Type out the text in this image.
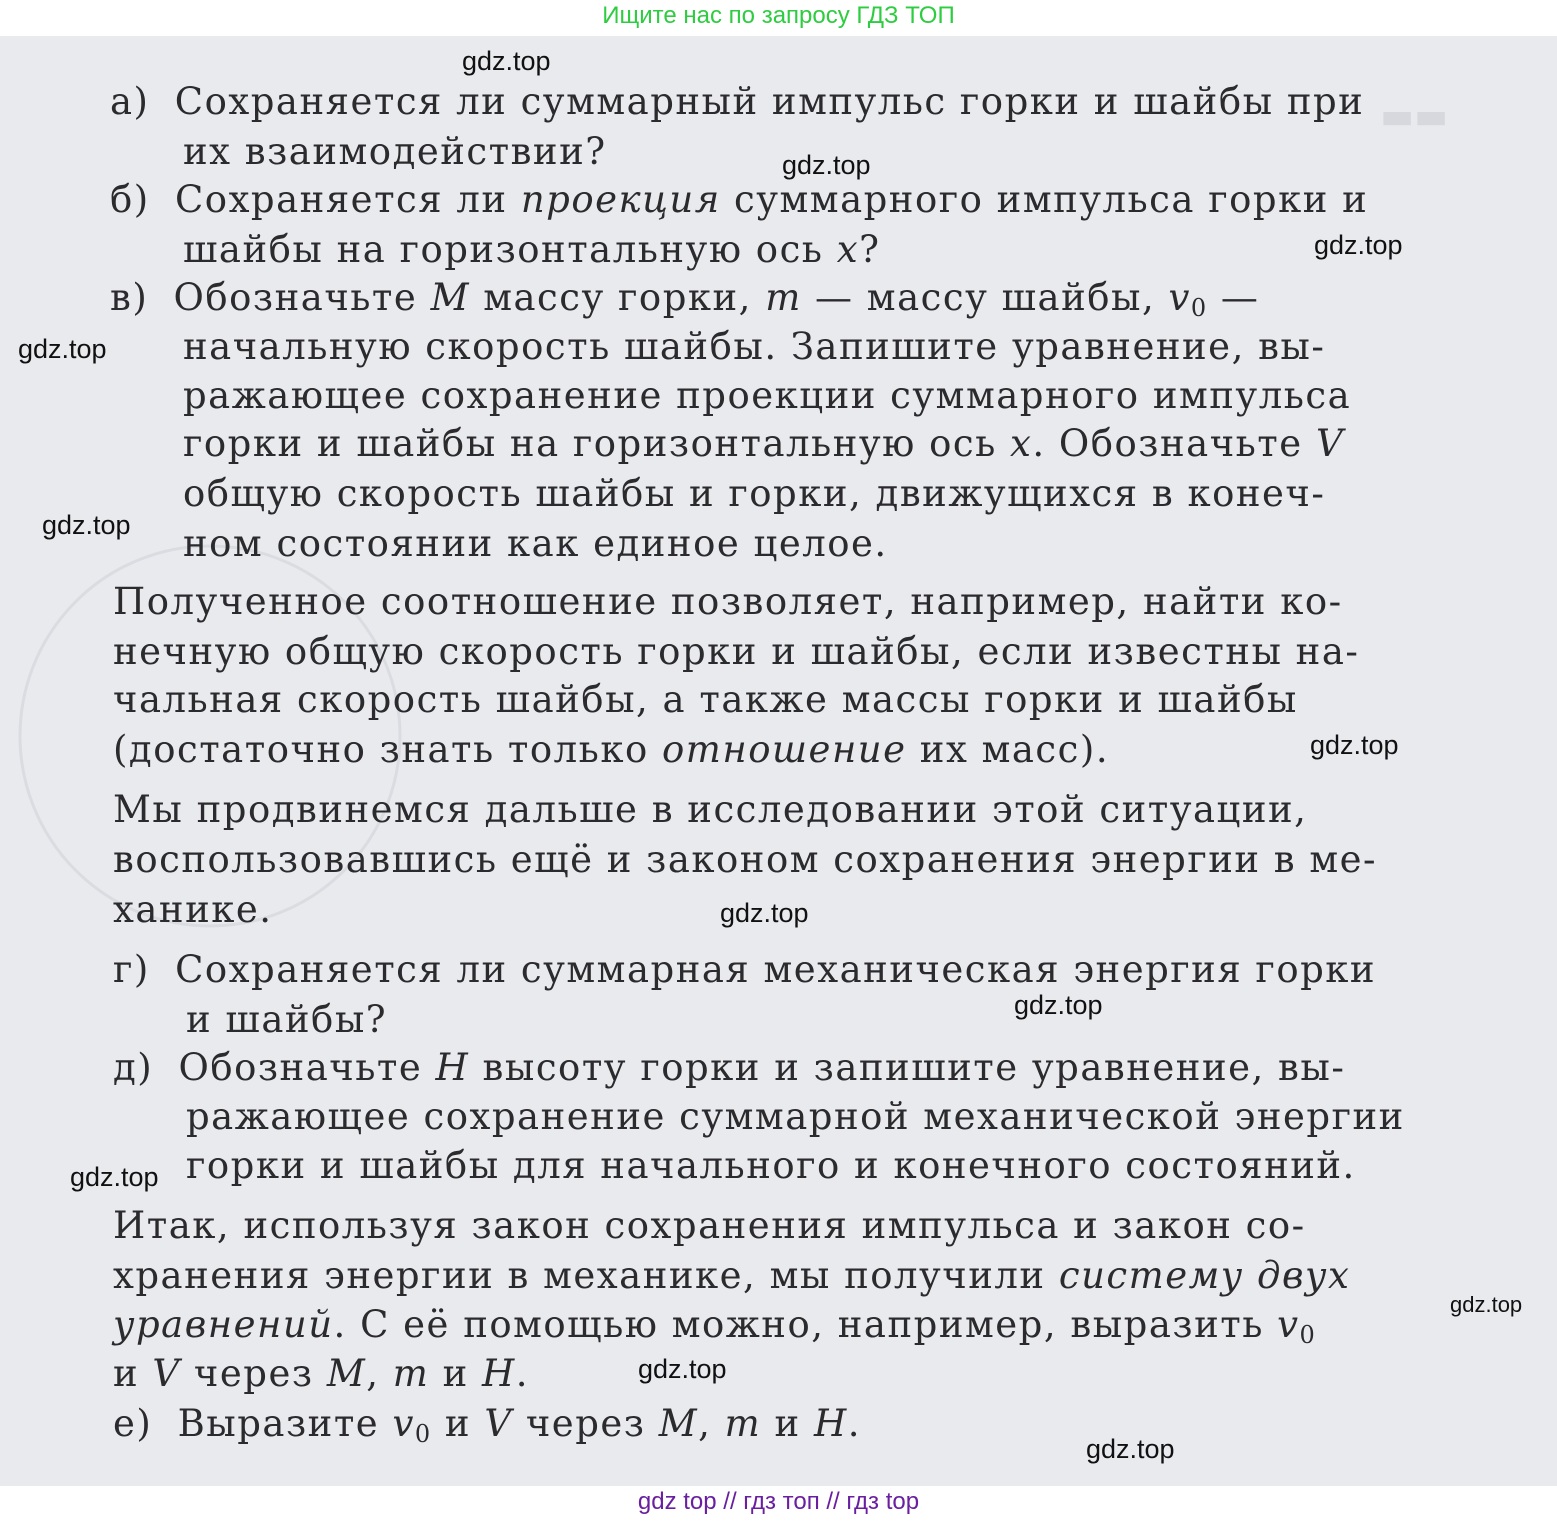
Ищите нас по запросу ГДЗ ТОП
▬▬

а) Сохраняется ли суммарный импульс горки и шайбы при
их взаимодействии?
б) Сохраняется ли проекция суммарного импульса горки и
шайбы на горизонтальную ось x?
в) Обозначьте M массу горки, m — массу шайбы, $v_0$ —
начальную скорость шайбы. Запишите уравнение, вы-
ражающее сохранение проекции суммарного импульса
горки и шайбы на горизонтальную ось x. Обозначьте V
общую скорость шайбы и горки, движущихся в конеч-
ном состоянии как единое целое.
Полученное соотношение позволяет, например, найти ко-
нечную общую скорость горки и шайбы, если известны на-
чальная скорость шайбы, а также массы горки и шайбы
(достаточно знать только отношение их масс).
Мы продвинемся дальше в исследовании этой ситуации,
воспользовавшись ещё и законом сохранения энергии в ме-
ханике.
г) Сохраняется ли суммарная механическая энергия горки
и шайбы?
д) Обозначьте H высоту горки и запишите уравнение, вы-
ражающее сохранение суммарной механической энергии
горки и шайбы для начального и конечного состояний.
Итак, используя закон сохранения импульса и закон со-
хранения энергии в механике, мы получили систему двух
уравнений. С её помощью можно, например, выразить $v_0$
и V через M, m и H.
е) Выразите $v_0$ и V через M, m и H.
gdz.top
gdz.top
gdz.top
gdz.top
gdz.top
gdz.top
gdz.top
gdz.top
gdz.top
gdz.top
gdz.top
gdz.top
gdz top // гдз топ // гдз top
